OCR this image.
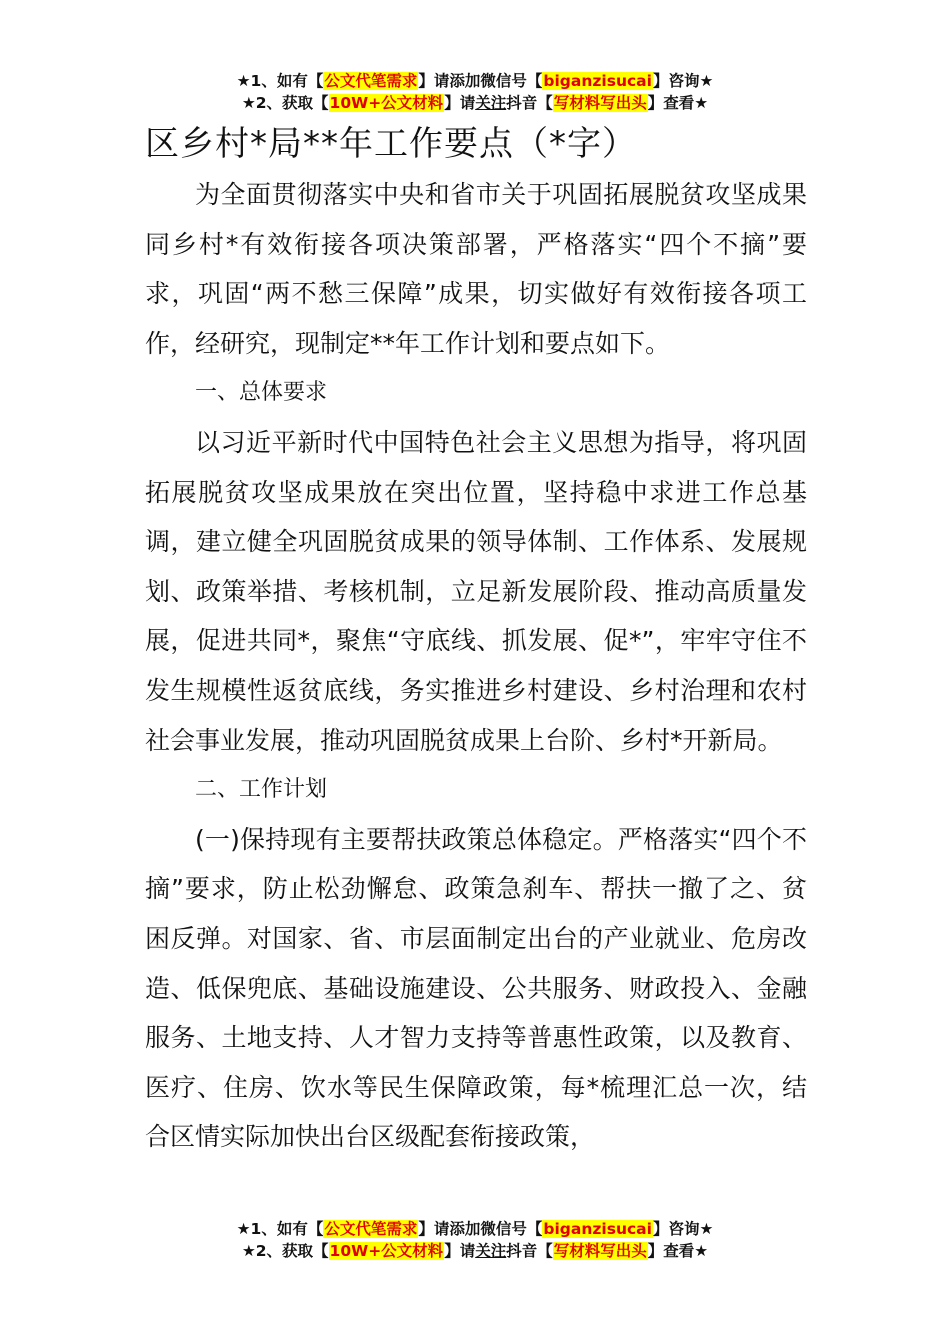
★1、如有【公文代笔需求】请添加微信号【biganzisucai】咨询★
★2、获取【10W+公文材料】请关注抖音【写材料写出头】查看★
区乡村*局**年工作要点（*字）

为全面贯彻落实中央和省市关于巩固拓展脱贫攻坚成果同乡村*有效衔接各项决策部署，严格落实“四个不摘”要求，巩固“两不愁三保障”成果，切实做好有效衔接各项工作，经研究，现制定**年工作计划和要点如下。

一、总体要求

以习近平新时代中国特色社会主义思想为指导，将巩固拓展脱贫攻坚成果放在突出位置，坚持稳中求进工作总基调，建立健全巩固脱贫成果的领导体制、工作体系、发展规划、政策举措、考核机制，立足新发展阶段、推动高质量发展，促进共同*，聚焦“守底线、抓发展、促*”，牢牢守住不发生规模性返贫底线，务实推进乡村建设、乡村治理和农村社会事业发展，推动巩固脱贫成果上台阶、乡村*开新局。

二、工作计划

(一)保持现有主要帮扶政策总体稳定。严格落实“四个不摘”要求，防止松劲懈怠、政策急刹车、帮扶一撤了之、贫困反弹。对国家、省、市层面制定出台的产业就业、危房改造、低保兜底、基础设施建设、公共服务、财政投入、金融服务、土地支持、人才智力支持等普惠性政策，以及教育、医疗、住房、饮水等民生保障政策，每*梳理汇总一次，结合区情实际加快出台区级配套衔接政策，

★1、如有【公文代笔需求】请添加微信号【biganzisucai】咨询★
★2、获取【10W+公文材料】请关注抖音【写材料写出头】查看★
